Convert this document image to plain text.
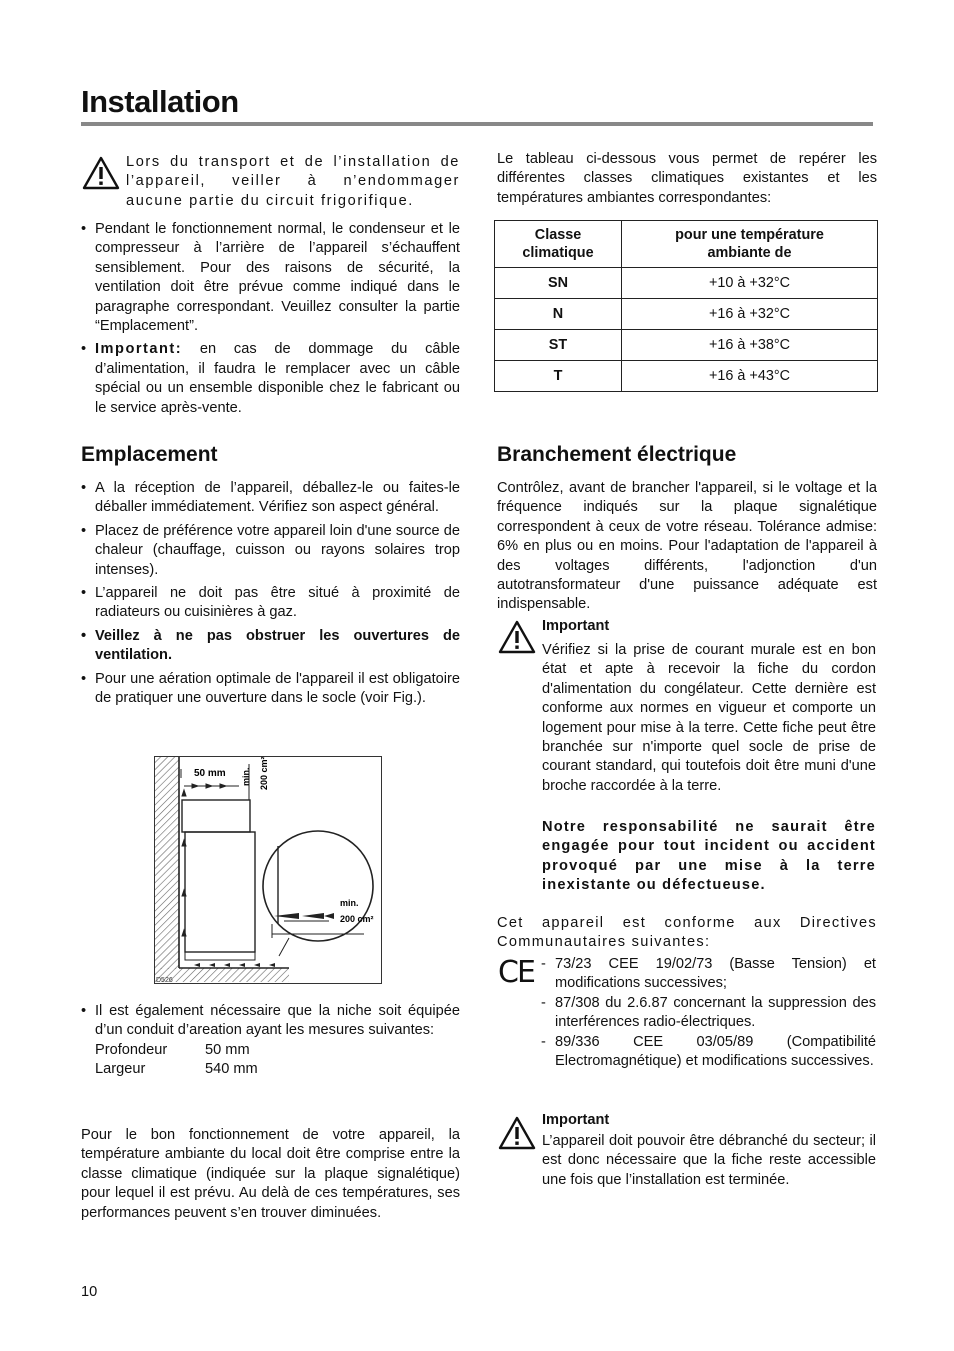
Installation
Lors du transport et de l’installation de l’appareil, veiller à n’endommager aucune partie du circuit frigorifique.
• Pendant le fonctionnement normal, le condenseur et le compresseur à l’arrière de l’appareil s’échauffent sensiblement. Pour des raisons de sécurité, la ventilation doit être prévue comme indiqué dans le paragraphe correspondant. Veuillez consulter la partie “Emplacement”.
• Important: en cas de dommage du câble d’alimentation, il faudra le remplacer avec un câble spécial ou un ensemble disponible chez le fabricant ou le service après-vente.
Le tableau ci-dessous vous permet de repérer les différentes classes climatiques existantes et les températures ambiantes correspondantes:
Classe climatique	pour une température ambiante de

SN	+10 à +32°C
N	+16 à +32°C
ST	+16 à +38°C
T	+16 à +43°C
Emplacement
• A la réception de l’appareil, déballez-le ou faites-le déballer immédiatement. Vérifiez son aspect général.
• Placez de préférence votre appareil loin d'une source de chaleur (chauffage, cuisson ou rayons solaires trop intenses).
• L’appareil ne doit pas être situé à proximité de radiateurs ou cuisinières à gaz.
• Veillez à ne pas obstruer les ouvertures de ventilation.
• Pour une aération optimale de l'appareil il est obligatoire de pratiquer une ouverture dans le socle (voir Fig.).
50 mm min. 200 cm²
min.
200 cm²
D526
• Il est également nécessaire que la niche soit équipée d’un conduit d’areation ayant les mesures suivantes:
Profondeur	50 mm
Largeur	540 mm
Pour le bon fonctionnement de votre appareil, la température ambiante du local doit être comprise entre la classe climatique (indiquée sur la plaque signalétique) pour lequel il est prévu. Au delà de ces températures, ses performances peuvent s’en trouver diminuées.
Branchement électrique
Contrôlez, avant de brancher l'appareil, si le voltage et la fréquence indiqués sur la plaque signalétique correspondent à ceux de votre réseau. Tolérance admise: 6% en plus ou en moins. Pour l'adaptation de l'appareil à des voltages différents, l'adjonction d'un autotransformateur d'une puissance adéquate est indispensable.
Important
Vérifiez si la prise de courant murale est en bon état et apte à recevoir la fiche du cordon d'alimentation du congélateur. Cette dernière est conforme aux normes en vigueur et comporte un logement pour mise à la terre. Cette fiche peut être branchée sur n'importe quel socle de prise de courant standard, qui toutefois doit être muni d'une broche raccordée à la terre.
Notre responsabilité ne saurait être engagée pour tout incident ou accident provoqué par une mise à la terre inexistante ou défectueuse.
Cet appareil est conforme aux Directives Communautaires suivantes:
CE	- 73/23 CEE 19/02/73 (Basse Tension) et modifications successives;
- 87/308 du 2.6.87 concernant la suppression des interférences radio-électriques.
- 89/336 CEE 03/05/89 (Compatibilité Electromagnétique) et modifications successives.
Important
L’appareil doit pouvoir être débranché du secteur; il est donc nécessaire que la fiche reste accessible une fois que l’installation est terminée.
10
